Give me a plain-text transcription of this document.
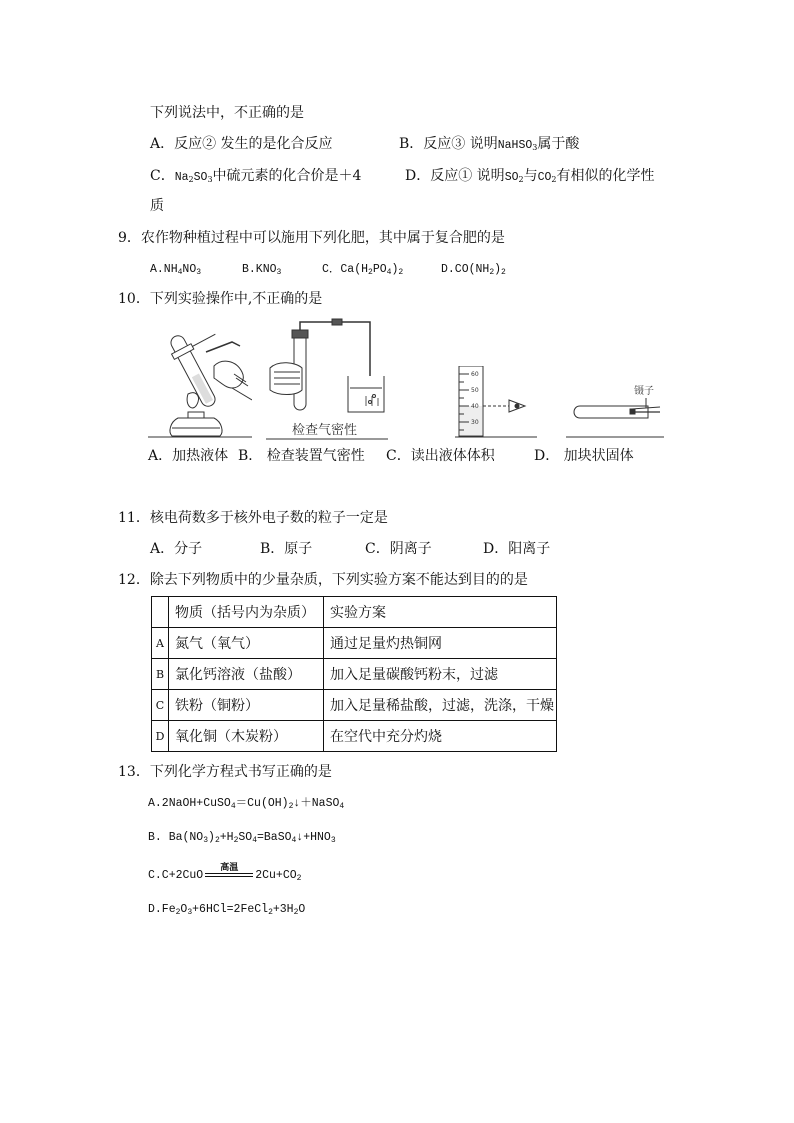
下列说法中，不正确的是
A．反应② 发生的是化合反应	B．反应③ 说明NaHSO$_3$属于酸
C．$Na_2SO_3$中硫元素的化合价是＋4	D．反应① 说明$SO_2$与$CO_2$有相似的化学性
质
9．农作物种植过程中可以施用下列化肥，其中属于复合肥的是
$A.NH_4NO_3$	$B.KNO_3$	C．$Ca(H_2PO_4)_2$	$D.CO(NH_2)_2$
10．下列实验操作中,不正确的是
检查气密性
60
50
40
30
镊子
A．加热液体 B． 检查装置气密性 C．读出液体体积	D． 加块状固体
11．核电荷数多于核外电子数的粒子一定是
A．分子	B．原子	C．阴离子	D．阳离子
12．除去下列物质中的少量杂质，下列实验方案不能达到目的的是
	物质（括号内为杂质）	实验方案
A	氮气（氧气）	通过足量灼热铜网
B	氯化钙溶液（盐酸）	加入足量碳酸钙粉末，过滤
C	铁粉（铜粉）	加入足量稀盐酸，过滤，洗涤，干燥
D	氧化铜（木炭粉）	在空代中充分灼烧
13．下列化学方程式书写正确的是
$A.2NaOH+CuSO_4=Cu(OH)_2↓+NaSO_4$
B. $Ba(NO_3)_2+H_2SO_4=BaSO_4↓+HNO_3$
C.C+2CuO
高温
$2Cu+CO_2$
$D.Fe_2O_3+6HCl=2FeCl_2+3H_2O$
